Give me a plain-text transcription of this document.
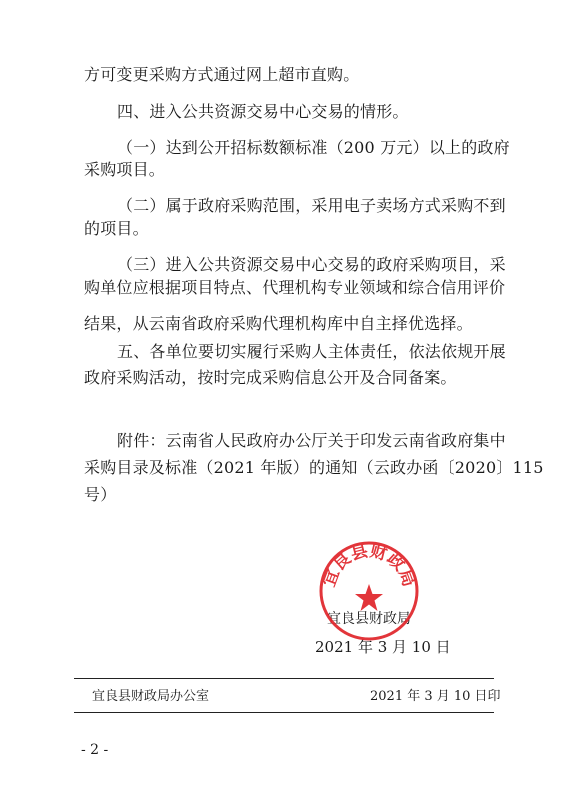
方可变更采购方式通过网上超市直购。
四、进入公共资源交易中心交易的情形。
（一）达到公开招标数额标准（200 万元）以上的政府
采购项目。
（二）属于政府采购范围，采用电子卖场方式采购不到
的项目。
（三）进入公共资源交易中心交易的政府采购项目，采
购单位应根据项目特点、代理机构专业领域和综合信用评价
结果，从云南省政府采购代理机构库中自主择优选择。
五、各单位要切实履行采购人主体责任，依法依规开展
政府采购活动，按时完成采购信息公开及合同备案。
附件：云南省人民政府办公厅关于印发云南省政府集中
采购目录及标准（2021 年版）的通知（云政办函〔2020〕115
号）
宜良县财政局
2021 年 3 月 10 日
宜良县财政局
宜良县财政局办公室	2021 年 3 月 10 日印
- 2 -
